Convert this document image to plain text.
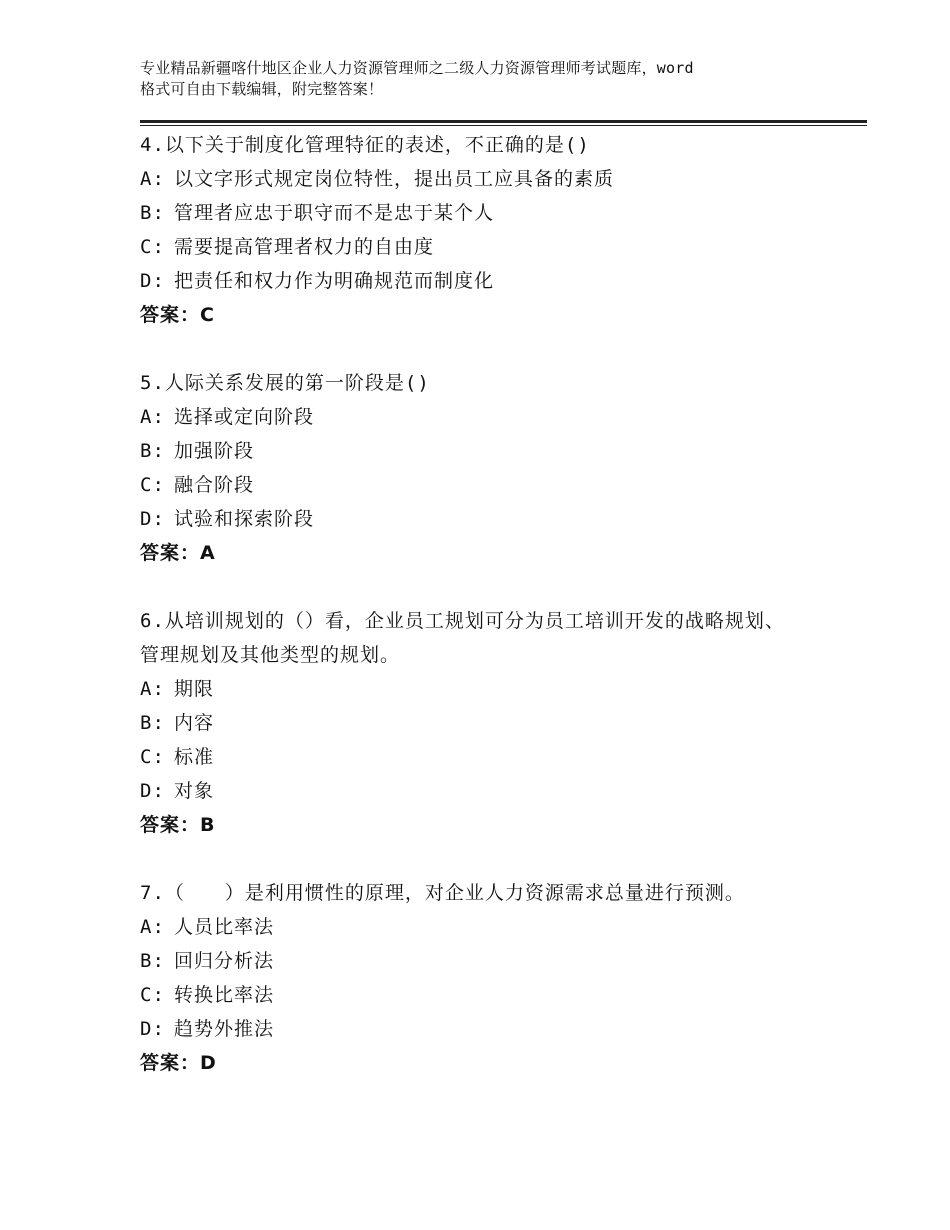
专业精品新疆喀什地区企业人力资源管理师之二级人力资源管理师考试题库，word
格式可自由下载编辑，附完整答案！
4.以下关于制度化管理特征的表述，不正确的是()
A: 以文字形式规定岗位特性，提出员工应具备的素质
B: 管理者应忠于职守而不是忠于某个人
C: 需要提高管理者权力的自由度
D: 把责任和权力作为明确规范而制度化
答案：C
5.人际关系发展的第一阶段是()
A: 选择或定向阶段
B: 加强阶段
C: 融合阶段
D: 试验和探索阶段
答案：A
6.从培训规划的（）看，企业员工规划可分为员工培训开发的战略规划、管理规划及其他类型的规划。
A: 期限
B: 内容
C: 标准
D: 对象
答案：B
7.（　　）是利用惯性的原理，对企业人力资源需求总量进行预测。
A: 人员比率法
B: 回归分析法
C: 转换比率法
D: 趋势外推法
答案：D
